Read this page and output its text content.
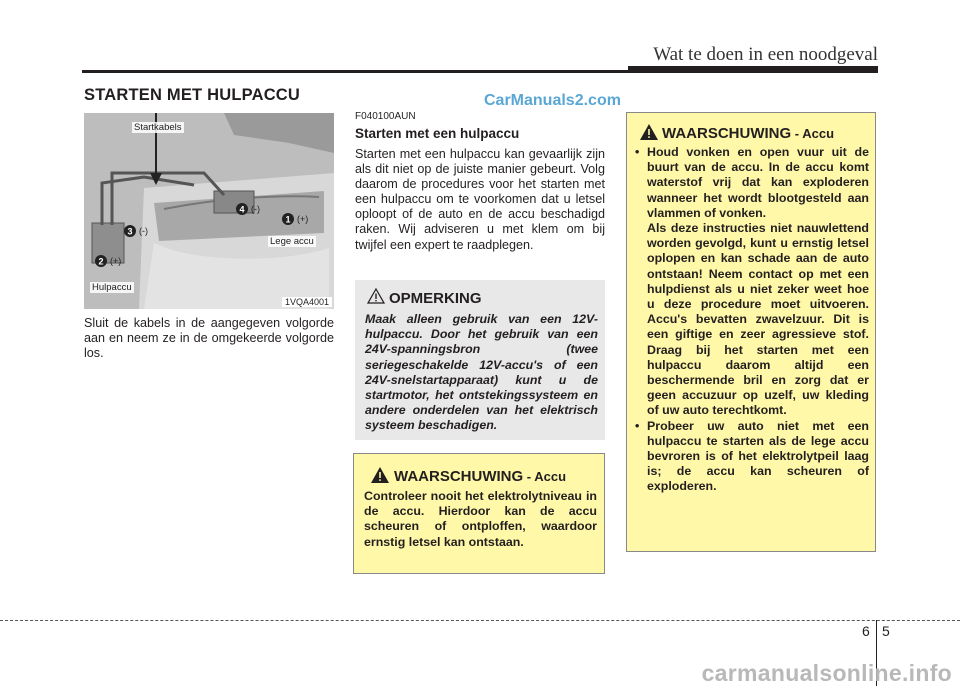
Wat te doen in een noodgeval
STARTEN MET HULPACCU	CarManuals2.com
1
2
3
4
(+)
(-)
(-)
(+)
Startkabels
Lege accu
Hulpaccu
1VQA4001
Sluit de kabels in de aangegeven volgorde aan en neem ze in de omgekeerde volgorde los.
F040100AUN
Starten met een hulpaccu
Starten met een hulpaccu kan gevaarlijk zijn als dit niet op de juiste manier gebeurt. Volg daarom de procedures voor het starten met een hulpaccu om te voorkomen dat u letsel oploopt of de auto en de accu beschadigd raken. Wij adviseren u met klem om bij twijfel een expert te raadplegen.
OPMERKING
Maak alleen gebruik van een 12V-hulpaccu. Door het gebruik van een 24V-spanningsbron (twee seriegeschakelde 12V-accu's of een 24V-snelstartapparaat) kunt u de startmotor, het ontstekingssysteem en andere onderdelen van het elektrisch systeem beschadigen.
WAARSCHUWING - Accu
Controleer nooit het elektrolytniveau in de accu. Hierdoor kan de accu scheuren of ontploffen, waardoor ernstig letsel kan ontstaan.
WAARSCHUWING - Accu
• Houd vonken en open vuur uit de buurt van de accu. In de accu komt waterstof vrij dat kan exploderen wanneer het wordt blootgesteld aan vlammen of vonken.

Als deze instructies niet nauwlettend worden gevolgd, kunt u ernstig letsel oplopen en kan schade aan de auto ontstaan! Neem contact op met een hulpdienst als u niet zeker weet hoe u deze procedure moet uitvoeren. Accu's bevatten zwavelzuur. Dit is een giftige en zeer agressieve stof. Draag bij het starten met een hulpaccu daarom altijd een beschermende bril en zorg dat er geen accuzuur op uzelf, uw kleding of uw auto terechtkomt.

• Probeer uw auto niet met een hulpaccu te starten als de lege accu bevroren is of het elektrolytpeil laag is; de accu kan scheuren of exploderen.

6 5
carmanualsonline.info
